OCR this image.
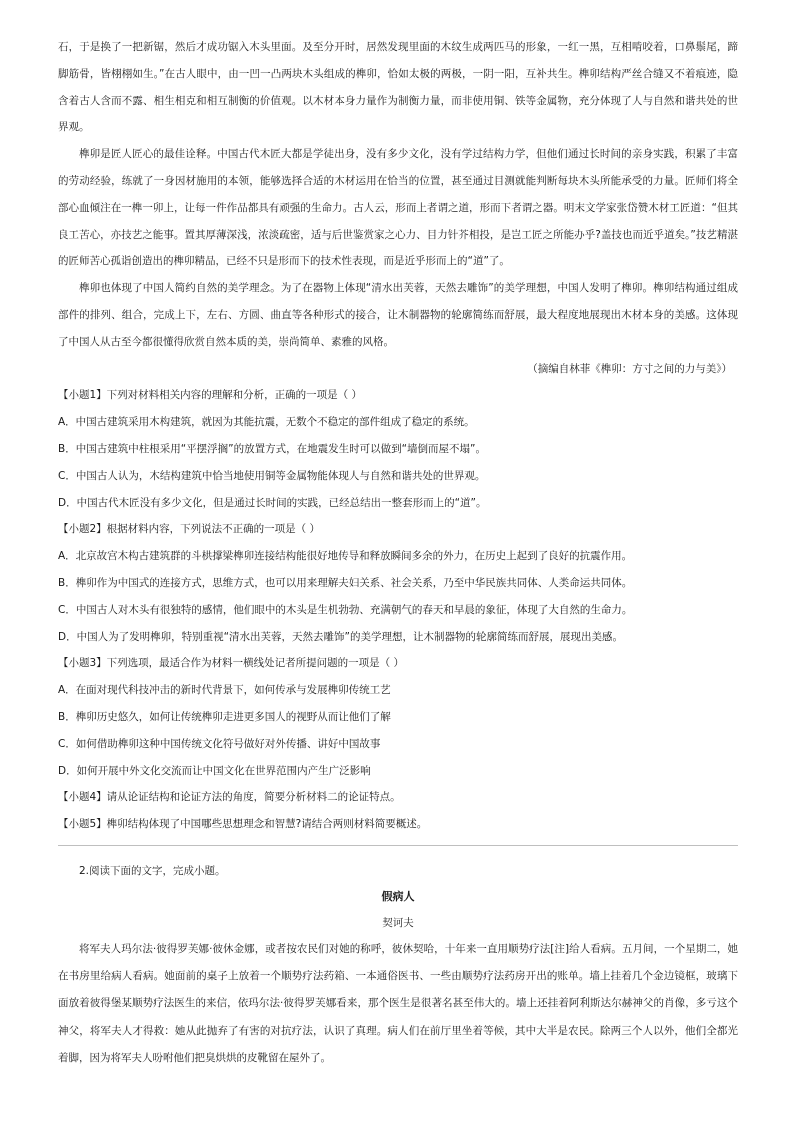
石，于是换了一把新锯，然后才成功锯入木头里面。及至分开时，居然发现里面的木纹生成两匹马的形象，一红一黑，互相啃咬着，口鼻鬃尾，蹄脚筋骨，皆栩栩如生。”在古人眼中，由一凹一凸两块木头组成的榫卯，恰如太极的两极，一阴一阳，互补共生。榫卯结构严丝合缝又不着痕迹，隐含着古人含而不露、相生相克和相互制衡的价值观。以木材本身力量作为制衡力量，而非使用铜、铁等金属物，充分体现了人与自然和谐共处的世界观。

榫卯是匠人匠心的最佳诠释。中国古代木匠大都是学徒出身，没有多少文化，没有学过结构力学，但他们通过长时间的亲身实践，积累了丰富的劳动经验，练就了一身因材施用的本领，能够选择合适的木材运用在恰当的位置，甚至通过目测就能判断每块木头所能承受的力量。匠师们将全部心血倾注在一榫一卯上，让每一件作品都具有顽强的生命力。古人云，形而上者谓之道，形而下者谓之器。明末文学家张岱赞木材工匠道：“但其良工苦心，亦技艺之能事。置其厚薄深浅，浓淡疏密，适与后世鉴赏家之心力、目力针芥相投，是岂工匠之所能办乎?盖技也而近乎道矣。”技艺精湛的匠师苦心孤诣创造出的榫卯精品，已经不只是形而下的技术性表现，而是近乎形而上的“道”了。

榫卯也体现了中国人简约自然的美学理念。为了在器物上体现“清水出芙蓉，天然去雕饰”的美学理想，中国人发明了榫卯。榫卯结构通过组成部件的排列、组合，完成上下，左右、方圆、曲直等各种形式的接合，让木制器物的轮廓简练而舒展，最大程度地展现出木材本身的美感。这体现了中国人从古至今都很懂得欣赏自然本质的美，崇尚简单、素雅的风格。

（摘编自林菲《榫卯：方寸之间的力与美》）

【小题1】下列对材料相关内容的理解和分析，正确的一项是（ ）

A．中国古建筑采用木构建筑，就因为其能抗震，无数个不稳定的部件组成了稳定的系统。

B．中国古建筑中柱根采用“平摆浮搁”的放置方式，在地震发生时可以做到“墙倒而屋不塌”。

C．中国古人认为，木结构建筑中恰当地使用铜等金属物能体现人与自然和谐共处的世界观。

D．中国古代木匠没有多少文化，但是通过长时间的实践，已经总结出一整套形而上的“道”。

【小题2】根据材料内容，下列说法不正确的一项是（ ）

A．北京故宫木构古建筑群的斗栱撑梁榫卯连接结构能很好地传导和释放瞬间多余的外力，在历史上起到了良好的抗震作用。

B．榫卯作为中国式的连接方式，思维方式，也可以用来理解夫妇关系、社会关系，乃至中华民族共同体、人类命运共同体。

C．中国古人对木头有很独特的感情，他们眼中的木头是生机勃勃、充满朝气的春天和早晨的象征，体现了大自然的生命力。

D．中国人为了发明榫卯，特别重视“清水出芙蓉，天然去雕饰”的美学理想，让木制器物的轮廓简练而舒展，展现出美感。

【小题3】下列选项，最适合作为材料一横线处记者所提问题的一项是（ ）

A．在面对现代科技冲击的新时代背景下，如何传承与发展榫卯传统工艺

B．榫卯历史悠久，如何让传统榫卯走进更多国人的视野从而让他们了解

C．如何借助榫卯这种中国传统文化符号做好对外传播、讲好中国故事

D．如何开展中外文化交流而让中国文化在世界范围内产生广泛影响

【小题4】请从论证结构和论证方法的角度，简要分析材料二的论证特点。

【小题5】榫卯结构体现了中国哪些思想理念和智慧?请结合两则材料简要概述。

2.阅读下面的文字，完成小题。

假病人

契诃夫

将军夫人玛尔法·彼得罗芙娜·彼休金娜，或者按农民们对她的称呼，彼休契哈，十年来一直用顺势疗法[注]给人看病。五月间，一个星期二，她在书房里给病人看病。她面前的桌子上放着一个顺势疗法药箱、一本通俗医书、一些由顺势疗法药房开出的账单。墙上挂着几个金边镜框，玻璃下面放着彼得堡某顺势疗法医生的来信，依玛尔法·彼得罗芙娜看来，那个医生是很著名甚至伟大的。墙上还挂着阿利斯达尔赫神父的肖像，多亏这个神父，将军夫人才得救：她从此抛弃了有害的对抗疗法，认识了真理。病人们在前厅里坐着等候，其中大半是农民。除两三个人以外，他们全都光着脚，因为将军夫人吩咐他们把臭烘烘的皮靴留在屋外了。
